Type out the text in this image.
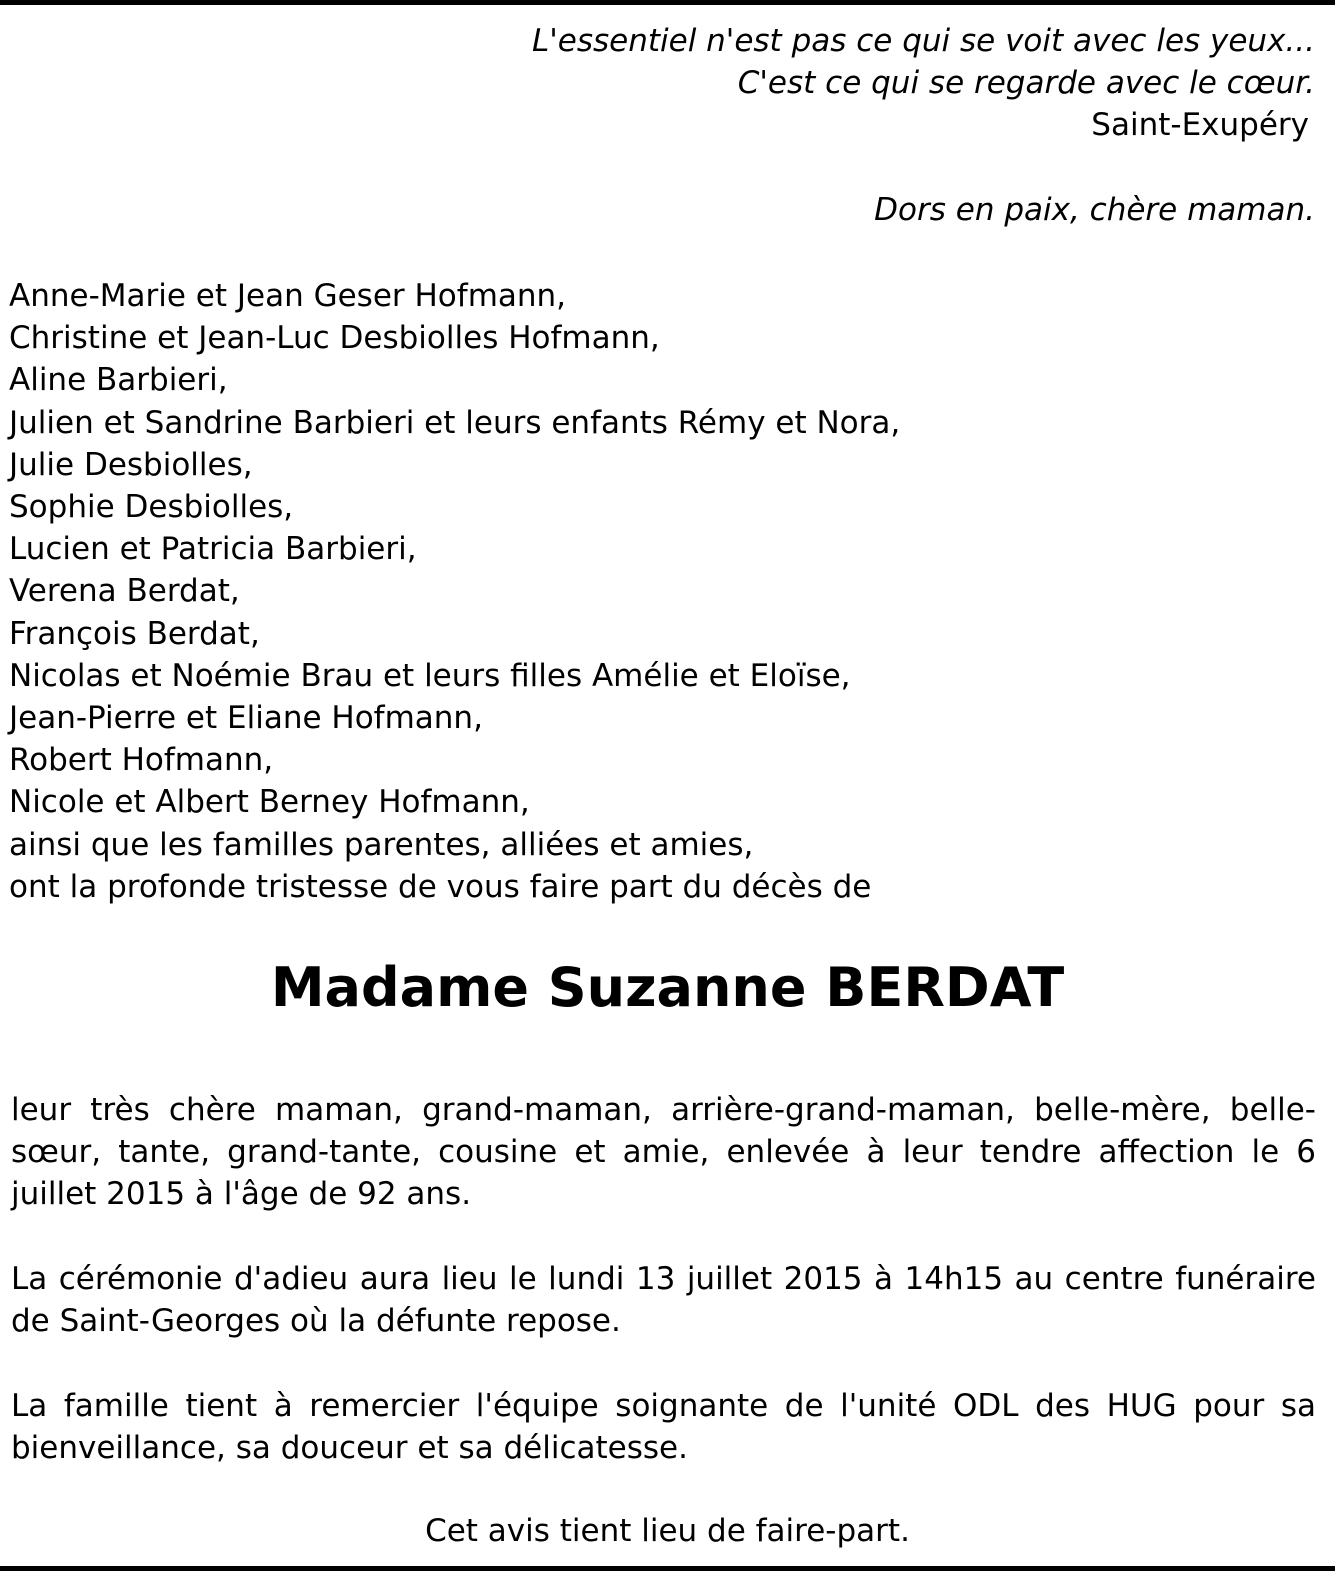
L'essentiel n'est pas ce qui se voit avec les yeux...
C'est ce qui se regarde avec le cœur.
Saint-Exupéry
Dors en paix, chère maman.
Anne-Marie et Jean Geser Hofmann,
Christine et Jean-Luc Desbiolles Hofmann,
Aline Barbieri,
Julien et Sandrine Barbieri et leurs enfants Rémy et Nora,
Julie Desbiolles,
Sophie Desbiolles,
Lucien et Patricia Barbieri,
Verena Berdat,
François Berdat,
Nicolas et Noémie Brau et leurs filles Amélie et Eloïse,
Jean-Pierre et Eliane Hofmann,
Robert Hofmann,
Nicole et Albert Berney Hofmann,
ainsi que les familles parentes, alliées et amies,
ont la profonde tristesse de vous faire part du décès de
Madame Suzanne BERDAT
leur très chère maman, grand-maman, arrière-grand-maman, belle-mère, belle-sœur, tante, grand-tante, cousine et amie, enlevée à leur tendre affection le 6 juillet 2015 à l'âge de 92 ans.
La cérémonie d'adieu aura lieu le lundi 13 juillet 2015 à 14h15 au centre funéraire de Saint-Georges où la défunte repose.
La famille tient à remercier l'équipe soignante de l'unité ODL des HUG pour sa bienveillance, sa douceur et sa délicatesse.
Cet avis tient lieu de faire-part.
